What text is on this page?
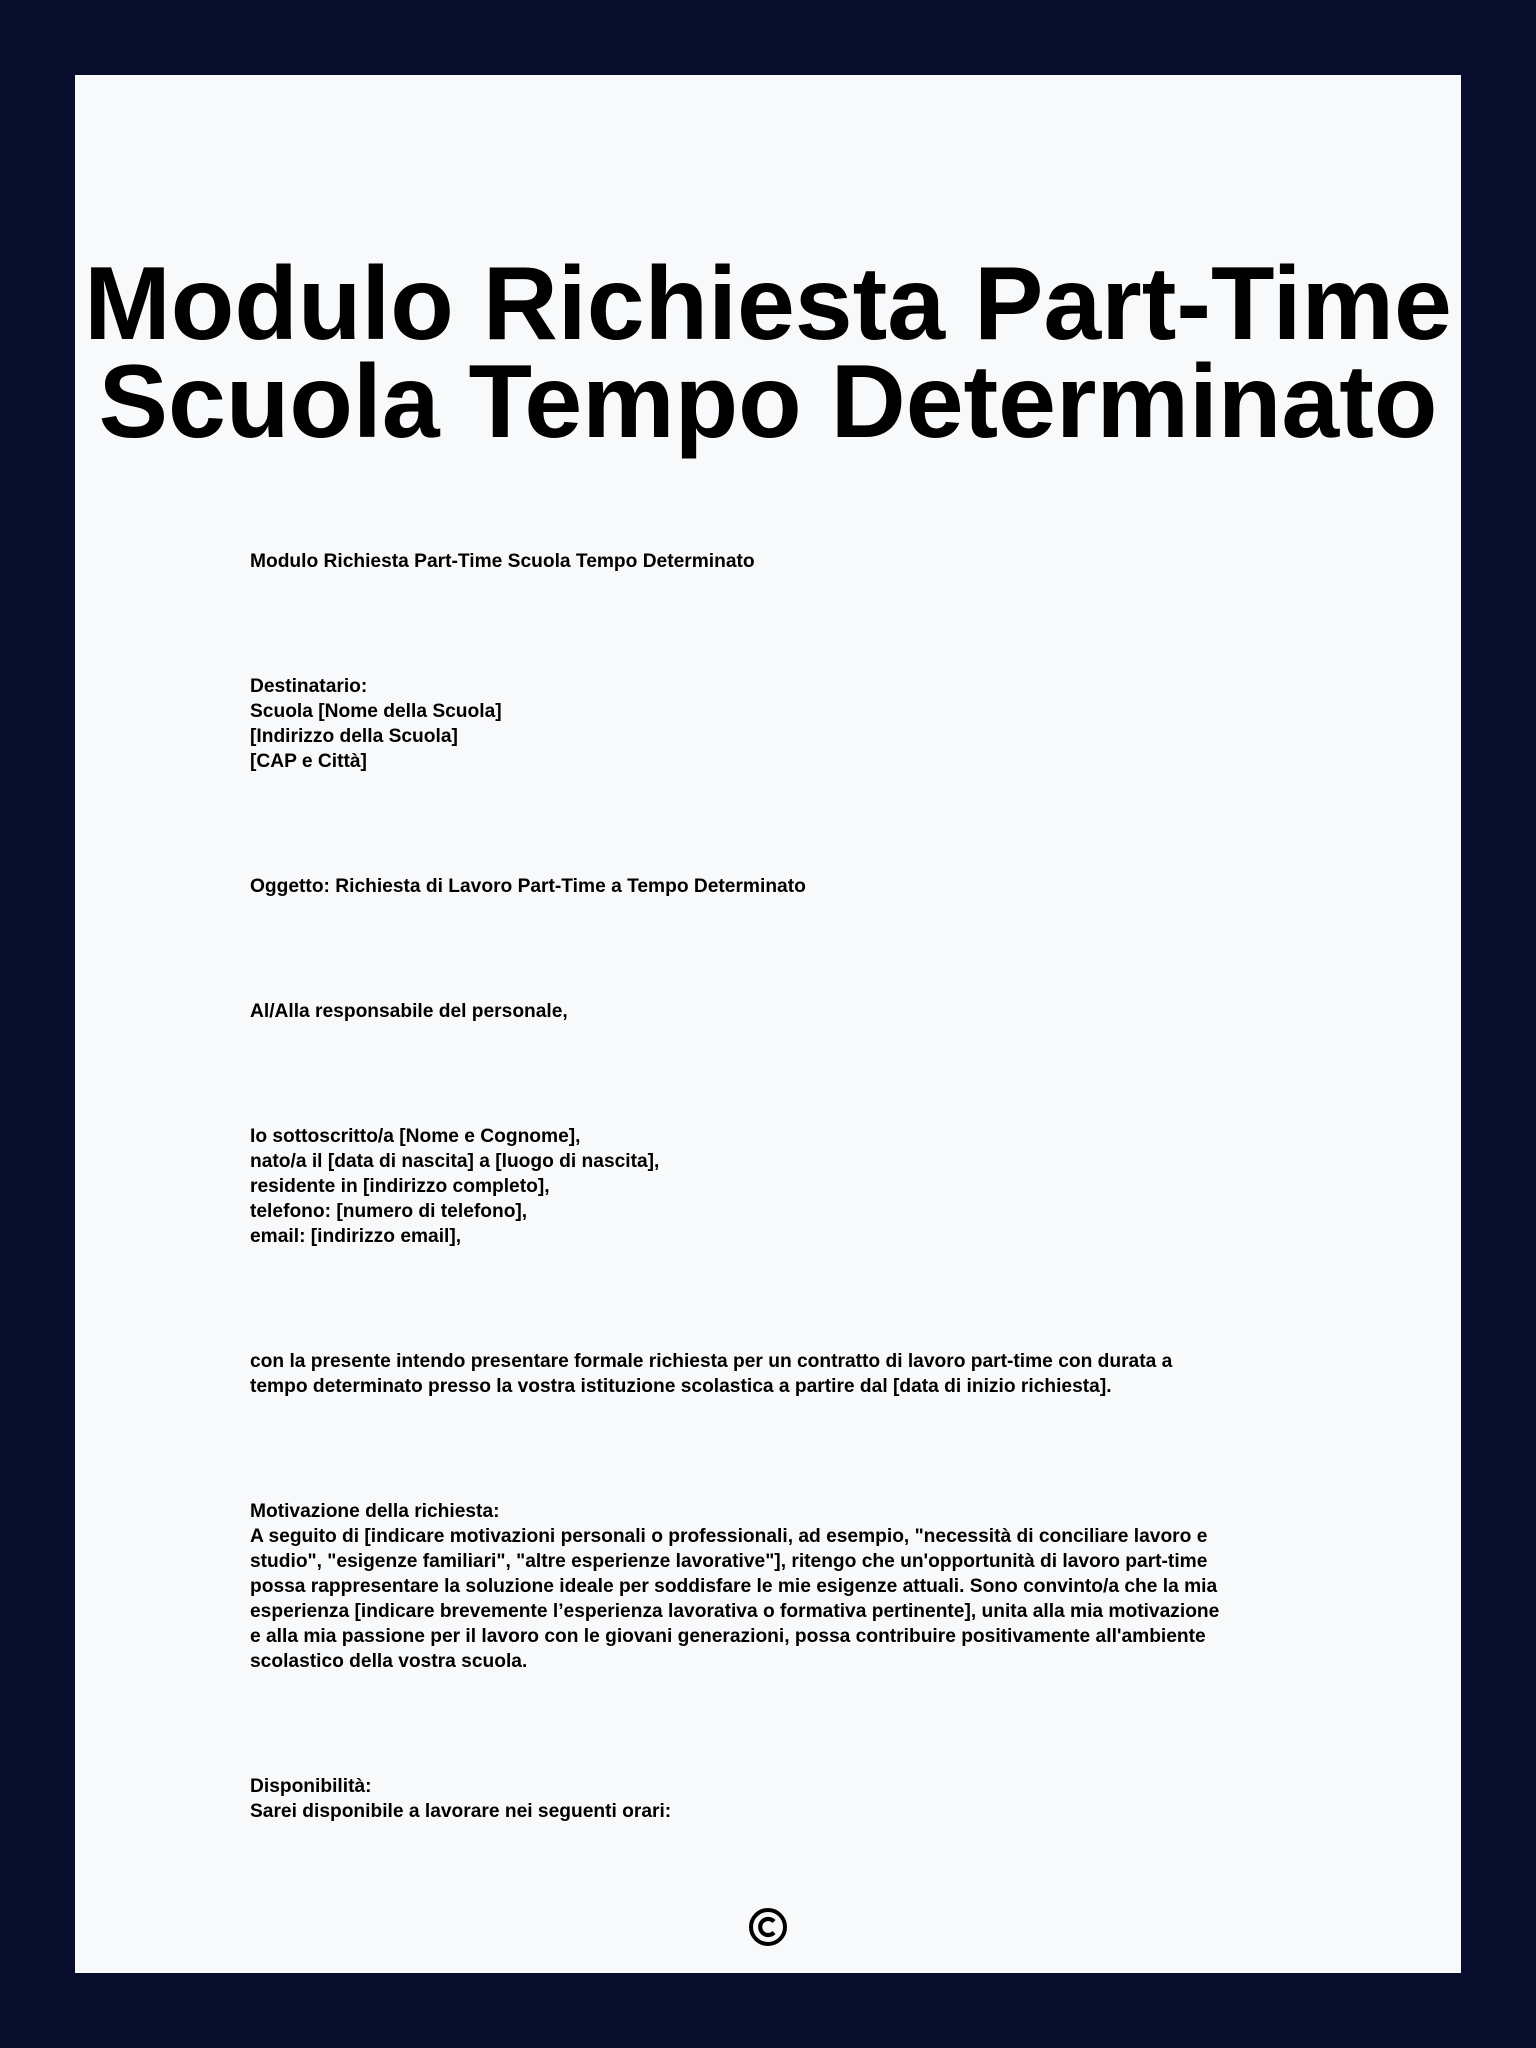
Modulo Richiesta Part-Time
Scuola Tempo Determinato
Modulo Richiesta Part-Time Scuola Tempo Determinato
Destinatario:
Scuola [Nome della Scuola]
[Indirizzo della Scuola]
[CAP e Città]
Oggetto: Richiesta di Lavoro Part-Time a Tempo Determinato
Al/Alla responsabile del personale,
Io sottoscritto/a [Nome e Cognome],
nato/a il [data di nascita] a [luogo di nascita],
residente in [indirizzo completo],
telefono: [numero di telefono],
email: [indirizzo email],
con la presente intendo presentare formale richiesta per un contratto di lavoro part-time con durata a
tempo determinato presso la vostra istituzione scolastica a partire dal [data di inizio richiesta].
Motivazione della richiesta:
A seguito di [indicare motivazioni personali o professionali, ad esempio, "necessità di conciliare lavoro e
studio", "esigenze familiari", "altre esperienze lavorative"], ritengo che un'opportunità di lavoro part-time
possa rappresentare la soluzione ideale per soddisfare le mie esigenze attuali. Sono convinto/a che la mia
esperienza [indicare brevemente l’esperienza lavorativa o formativa pertinente], unita alla mia motivazione
e alla mia passione per il lavoro con le giovani generazioni, possa contribuire positivamente all'ambiente
scolastico della vostra scuola.
Disponibilità:
Sarei disponibile a lavorare nei seguenti orari:
